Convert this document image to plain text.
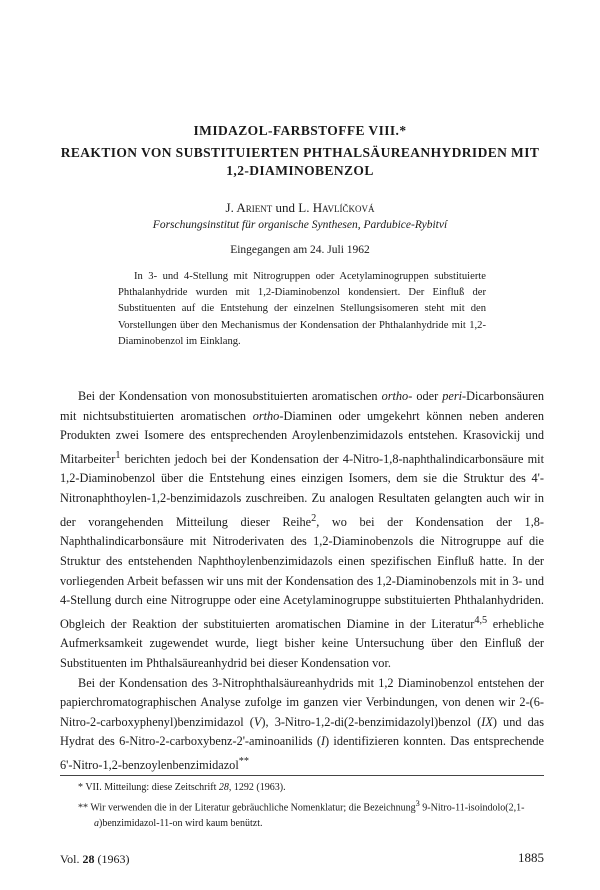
IMIDAZOL-FARBSTOFFE VIII.*
REAKTION VON SUBSTITUIERTEN PHTHALSÄUREANHYDRIDEN MIT
1,2-DIAMINOBENZOL

J. Arient und L. Havlíčková

Forschungsinstitut für organische Synthesen, Pardubice-Rybitví

Eingegangen am 24. Juli 1962

In 3- und 4-Stellung mit Nitrogruppen oder Acetylaminogruppen substituierte Phthalanhydride wurden mit 1,2-Diaminobenzol kondensiert. Der Einfluß der Substituenten auf die Entstehung der einzelnen Stellungsisomeren steht mit den Vorstellungen über den Mechanismus der Kondensation der Phthalanhydride mit 1,2-Diaminobenzol im Einklang.

Bei der Kondensation von monosubstituierten aromatischen ortho- oder peri-Dicarbonsäuren mit nichtsubstituierten aromatischen ortho-Diaminen oder umgekehrt können neben anderen Produkten zwei Isomere des entsprechenden Aroylenbenzimidazols entstehen. Krasovickij und Mitarbeiter$^1$ berichten jedoch bei der Kondensation der 4-Nitro-1,8-naphthalindicarbonsäure mit 1,2-Diaminobenzol über die Entstehung eines einzigen Isomers, dem sie die Struktur des 4'-Nitronaphthoylen-1,2-benzimidazols zuschreiben. Zu analogen Resultaten gelangten auch wir in der vorangehenden Mitteilung dieser Reihe$^2$, wo bei der Kondensation der 1,8-Naphthalindicarbonsäure mit Nitroderivaten des 1,2-Diaminobenzols die Nitrogruppe auf die Struktur des entstehenden Naphthoylenbenzimidazols einen spezifischen Einfluß hatte. In der vorliegenden Arbeit befassen wir uns mit der Kondensation des 1,2-Diaminobenzols mit in 3- und 4-Stellung durch eine Nitrogruppe oder eine Acetylaminogruppe substituierten Phthalanhydriden. Obgleich der Reaktion der substituierten aromatischen Diamine in der Literatur$^{4,5}$ erhebliche Aufmerksamkeit zugewendet wurde, liegt bisher keine Untersuchung über den Einfluß der Substituenten im Phthalsäureanhydrid bei dieser Kondensation vor.

Bei der Kondensation des 3-Nitrophthalsäureanhydrids mit 1,2 Diaminobenzol entstehen der papierchromatographischen Analyse zufolge im ganzen vier Verbindungen, von denen wir 2-(6-Nitro-2-carboxyphenyl)benzimidazol (V), 3-Nitro-1,2-di(2-benzimidazolyl)benzol (IX) und das Hydrat des 6-Nitro-2-carboxybenz-2'-aminoanilids (I) identifizieren konnten. Das entsprechende 6'-Nitro-1,2-benzoylenbenzimidazol**

* VII. Mitteilung: diese Zeitschrift 28, 1292 (1963).

** Wir verwenden die in der Literatur gebräuchliche Nomenklatur; die Bezeichnung$^3$ 9-Nitro-11-isoindolo(2,1-a)benzimidazol-11-on wird kaum benützt.

Vol. 28 (1963)	1885
